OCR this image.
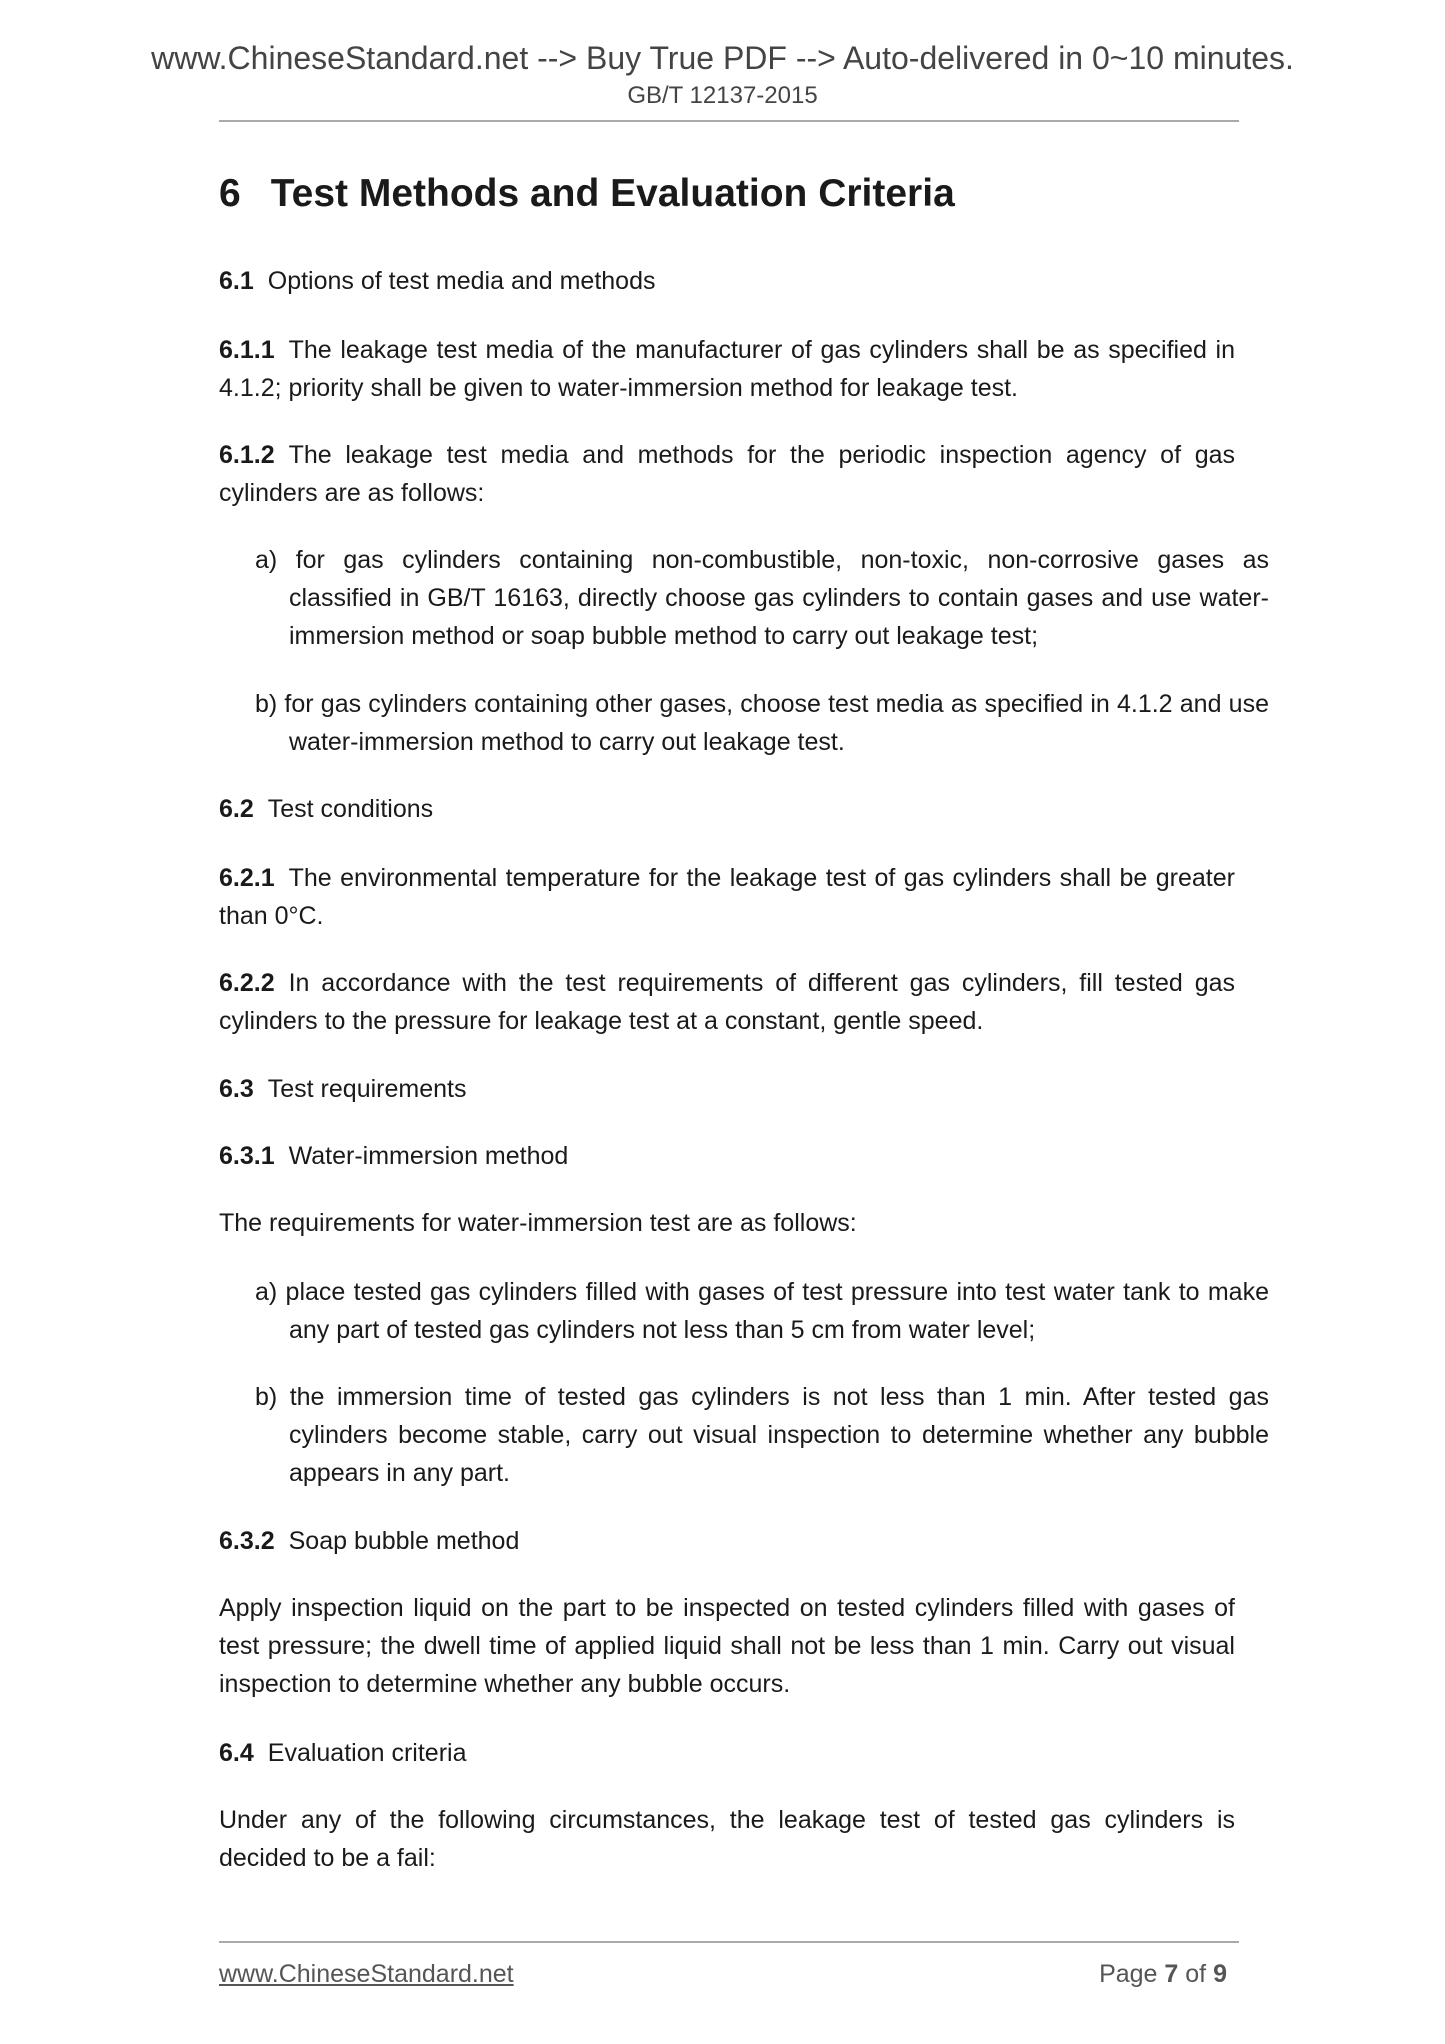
www.ChineseStandard.net --> Buy True PDF --> Auto-delivered in 0~10 minutes.
GB/T 12137-2015
6 Test Methods and Evaluation Criteria
6.1 Options of test media and methods
6.1.1 The leakage test media of the manufacturer of gas cylinders shall be as specified in 4.1.2; priority shall be given to water-immersion method for leakage test.
6.1.2 The leakage test media and methods for the periodic inspection agency of gas cylinders are as follows:
a) for gas cylinders containing non-combustible, non-toxic, non-corrosive gases as classified in GB/T 16163, directly choose gas cylinders to contain gases and use water-immersion method or soap bubble method to carry out leakage test;
b) for gas cylinders containing other gases, choose test media as specified in 4.1.2 and use water-immersion method to carry out leakage test.
6.2 Test conditions
6.2.1 The environmental temperature for the leakage test of gas cylinders shall be greater than 0°C.
6.2.2 In accordance with the test requirements of different gas cylinders, fill tested gas cylinders to the pressure for leakage test at a constant, gentle speed.
6.3 Test requirements
6.3.1 Water-immersion method
The requirements for water-immersion test are as follows:
a) place tested gas cylinders filled with gases of test pressure into test water tank to make any part of tested gas cylinders not less than 5 cm from water level;
b) the immersion time of tested gas cylinders is not less than 1 min. After tested gas cylinders become stable, carry out visual inspection to determine whether any bubble appears in any part.
6.3.2 Soap bubble method
Apply inspection liquid on the part to be inspected on tested cylinders filled with gases of test pressure; the dwell time of applied liquid shall not be less than 1 min. Carry out visual inspection to determine whether any bubble occurs.
6.4 Evaluation criteria
Under any of the following circumstances, the leakage test of tested gas cylinders is decided to be a fail:
www.ChineseStandard.net	Page 7 of 9
